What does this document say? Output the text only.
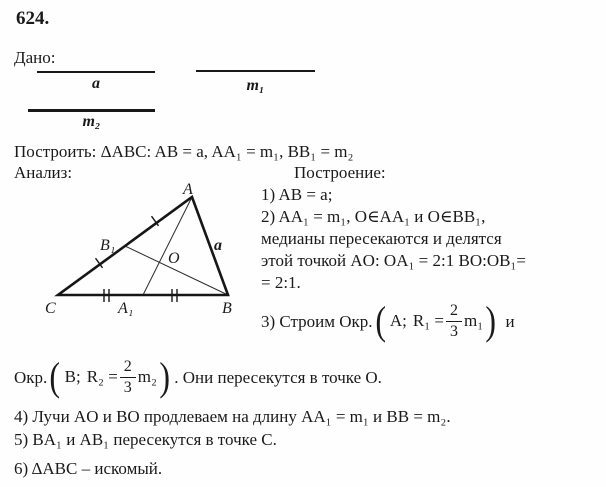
624.
Дано:
a	m₁
m₂
Построить: ΔABC: AB = a, AA₁ = m₁, BB₁ = m₂
Анализ:	Построение:
A
B
C	A₁
B₁
O
a
1) AB = a;
2) AA₁ = m₁, O∈AA₁ и O∈BB₁,
медианы пересекаются и делятся
этой точкой AO: OA₁ = 2:1 BO:OB₁=
= 2:1.
3) Строим Окр. ( A; $R_1 = \frac{2}{3} m_1$ ) и
Окр. ( B; $R_2 = \frac{2}{3} m_2$ ) . Они пересекутся в точке O.
4) Лучи AO и BO продлеваем на длину AA₁ = m₁ и BB = m₂.
5) BA₁ и AB₁ пересекутся в точке C.
6) ΔABC – искомый.
